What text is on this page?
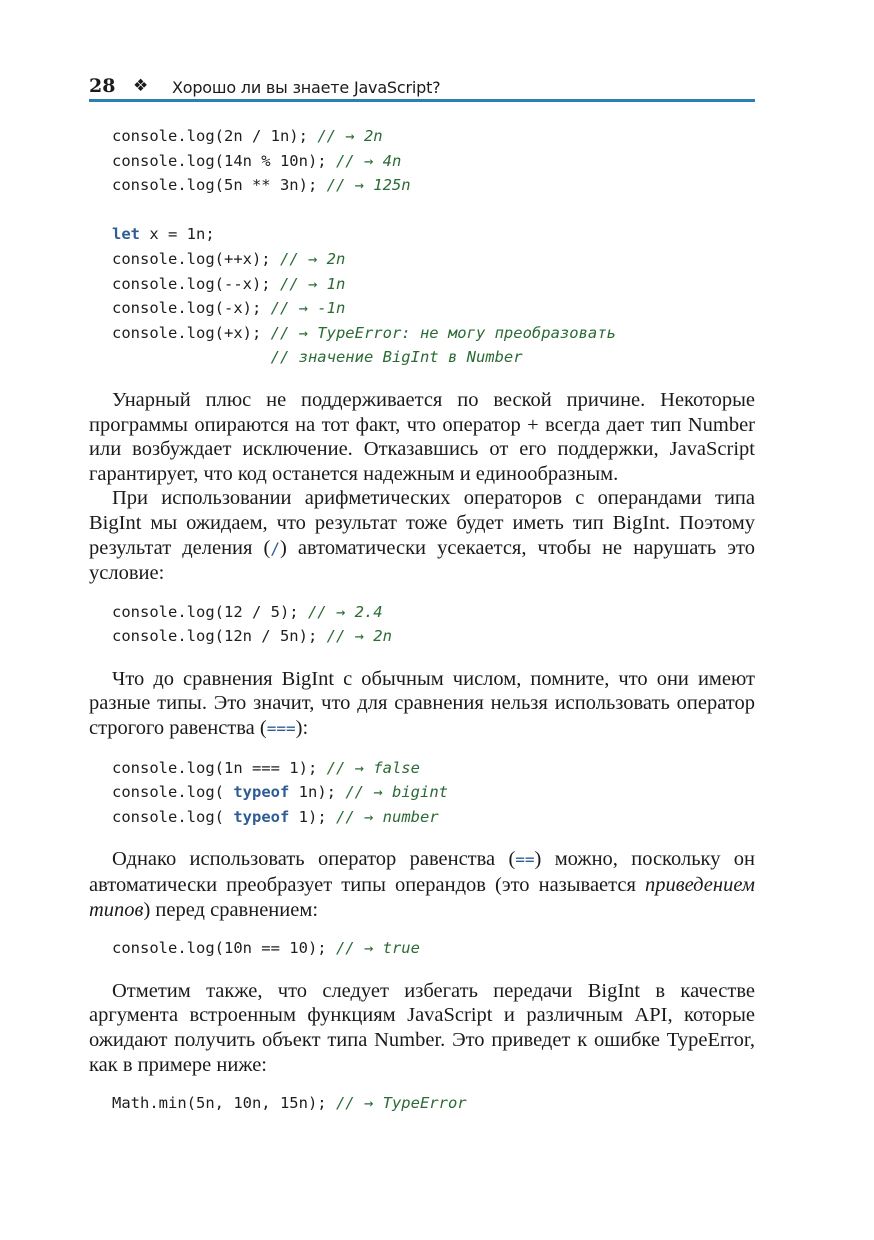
28 ❖ Хорошо ли вы знаете JavaScript?
console.log(2n / 1n); // → 2n
console.log(14n % 10n); // → 4n
console.log(5n ** 3n); // → 125n
let x = 1n;
console.log(++x); // → 2n
console.log(--x); // → 1n
console.log(-x); // → -1n
console.log(+x); // → TypeError: не могу преобразовать
// значение BigInt в Number

Унарный плюс не поддерживается по веской причине. Некоторые программы опираются на тот факт, что оператор + всегда дает тип Number или возбуждает исключение. Отказавшись от его поддержки, JavaScript гарантирует, что код останется надежным и единообразным.

При использовании арифметических операторов с операндами типа BigInt мы ожидаем, что результат тоже будет иметь тип BigInt. Поэтому результат деления (/) автоматически усекается, чтобы не нарушать это условие:

console.log(12 / 5); // → 2.4
console.log(12n / 5n); // → 2n

Что до сравнения BigInt с обычным числом, помните, что они имеют разные типы. Это значит, что для сравнения нельзя использовать оператор строгого равенства (===):

console.log(1n === 1); // → false
console.log( typeof 1n); // → bigint
console.log( typeof 1); // → number

Однако использовать оператор равенства (==) можно, поскольку он автоматически преобразует типы операндов (это называется приведением типов) перед сравнением:

console.log(10n == 10); // → true

Отметим также, что следует избегать передачи BigInt в качестве аргумента встроенным функциям JavaScript и различным API, которые ожидают получить объект типа Number. Это приведет к ошибке TypeError, как в примере ниже:

Math.min(5n, 10n, 15n); // → TypeError
